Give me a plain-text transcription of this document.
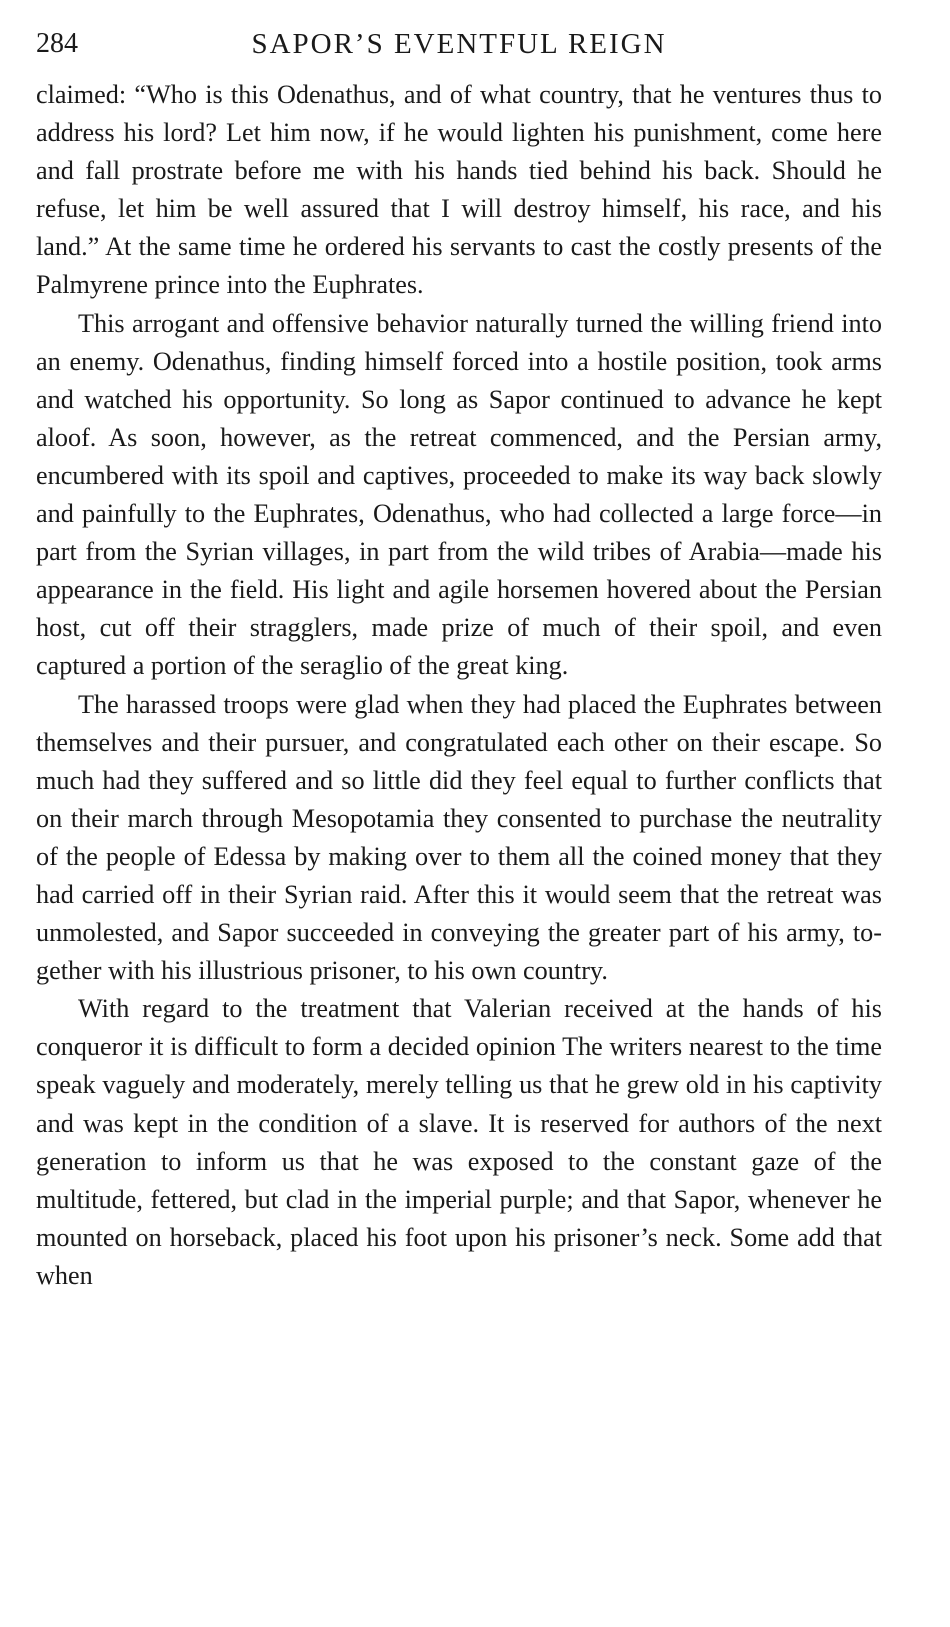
284	SAPOR’S EVENTFUL REIGN

claimed: “Who is this Odenathus, and of what country, that he ventures thus to address his lord? Let him now, if he would lighten his punishment, come here and fall prostrate before me with his hands tied behind his back. Should he refuse, let him be well assured that I will destroy himself, his race, and his land.” At the same time he ordered his servants to cast the costly presents of the Palmyrene prince into the Euphrates.

This arrogant and offensive behavior naturally turned the willing friend into an enemy. Odenathus, finding himself forced into a hostile position, took arms and watched his opportunity. So long as Sapor continued to advance he kept aloof. As soon, however, as the retreat commenced, and the Persian army, encumbered with its spoil and captives, proceeded to make its way back slowly and painfully to the Euphrates, Odenathus, who had collected a large force—in part from the Syrian villages, in part from the wild tribes of Arabia—made his appearance in the field. His light and agile horsemen hovered about the Persian host, cut off their stragglers, made prize of much of their spoil, and even captured a portion of the seraglio of the great king.

The harassed troops were glad when they had placed the Euphrates between themselves and their pursuer, and congratulated each other on their escape. So much had they suffered and so little did they feel equal to further conflicts that on their march through Mesopotamia they consented to purchase the neutrality of the people of Edessa by making over to them all the coined money that they had carried off in their Syrian raid. After this it would seem that the retreat was unmolested, and Sapor succeeded in conveying the greater part of his army, together with his illustrious prisoner, to his own country.

With regard to the treatment that Valerian received at the hands of his conqueror it is difficult to form a decided opinion The writers nearest to the time speak vaguely and moderately, merely telling us that he grew old in his captivity and was kept in the condition of a slave. It is reserved for authors of the next generation to inform us that he was exposed to the constant gaze of the multitude, fettered, but clad in the imperial purple; and that Sapor, whenever he mounted on horseback, placed his foot upon his prisoner’s neck. Some add that when
